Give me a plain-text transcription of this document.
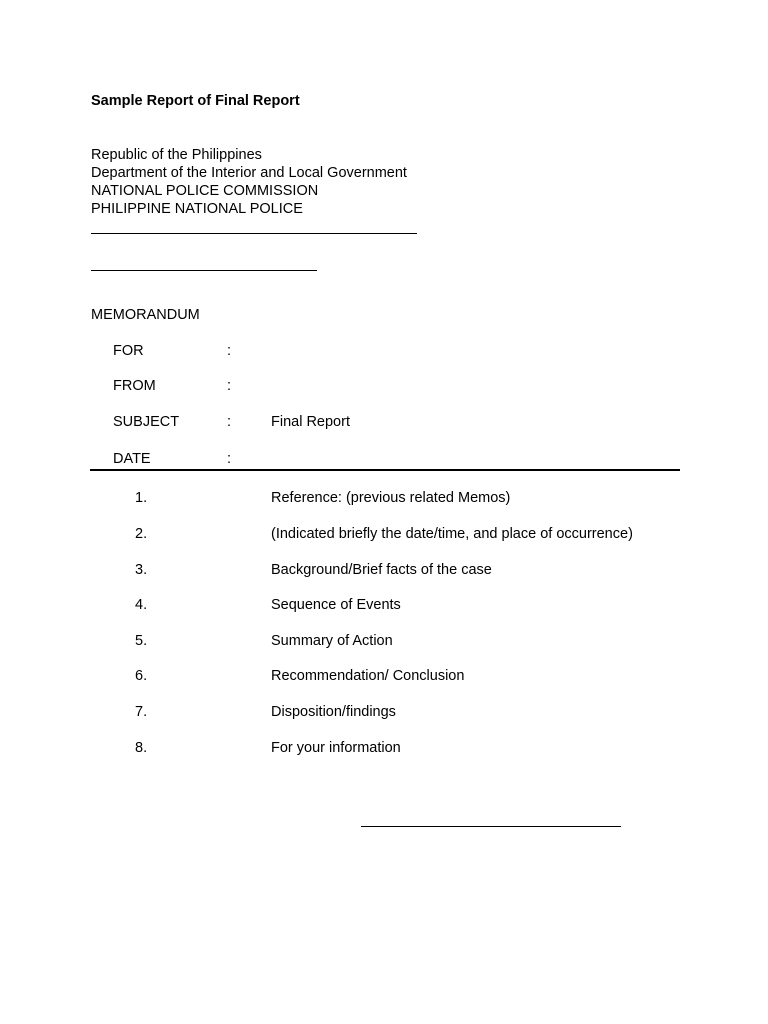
Sample Report of Final Report
Republic of the Philippines
Department of the Interior and Local Government
NATIONAL POLICE COMMISSION
PHILIPPINE NATIONAL POLICE
MEMORANDUM
FOR	:
FROM	:
SUBJECT	:	Final Report
DATE	:
1.	Reference: (previous related Memos)
2.	(Indicated briefly the date/time, and place of occurrence)
3.	Background/Brief facts of the case
4.	Sequence of Events
5.	Summary of Action
6.	Recommendation/ Conclusion
7.	Disposition/findings
8.	For your information
